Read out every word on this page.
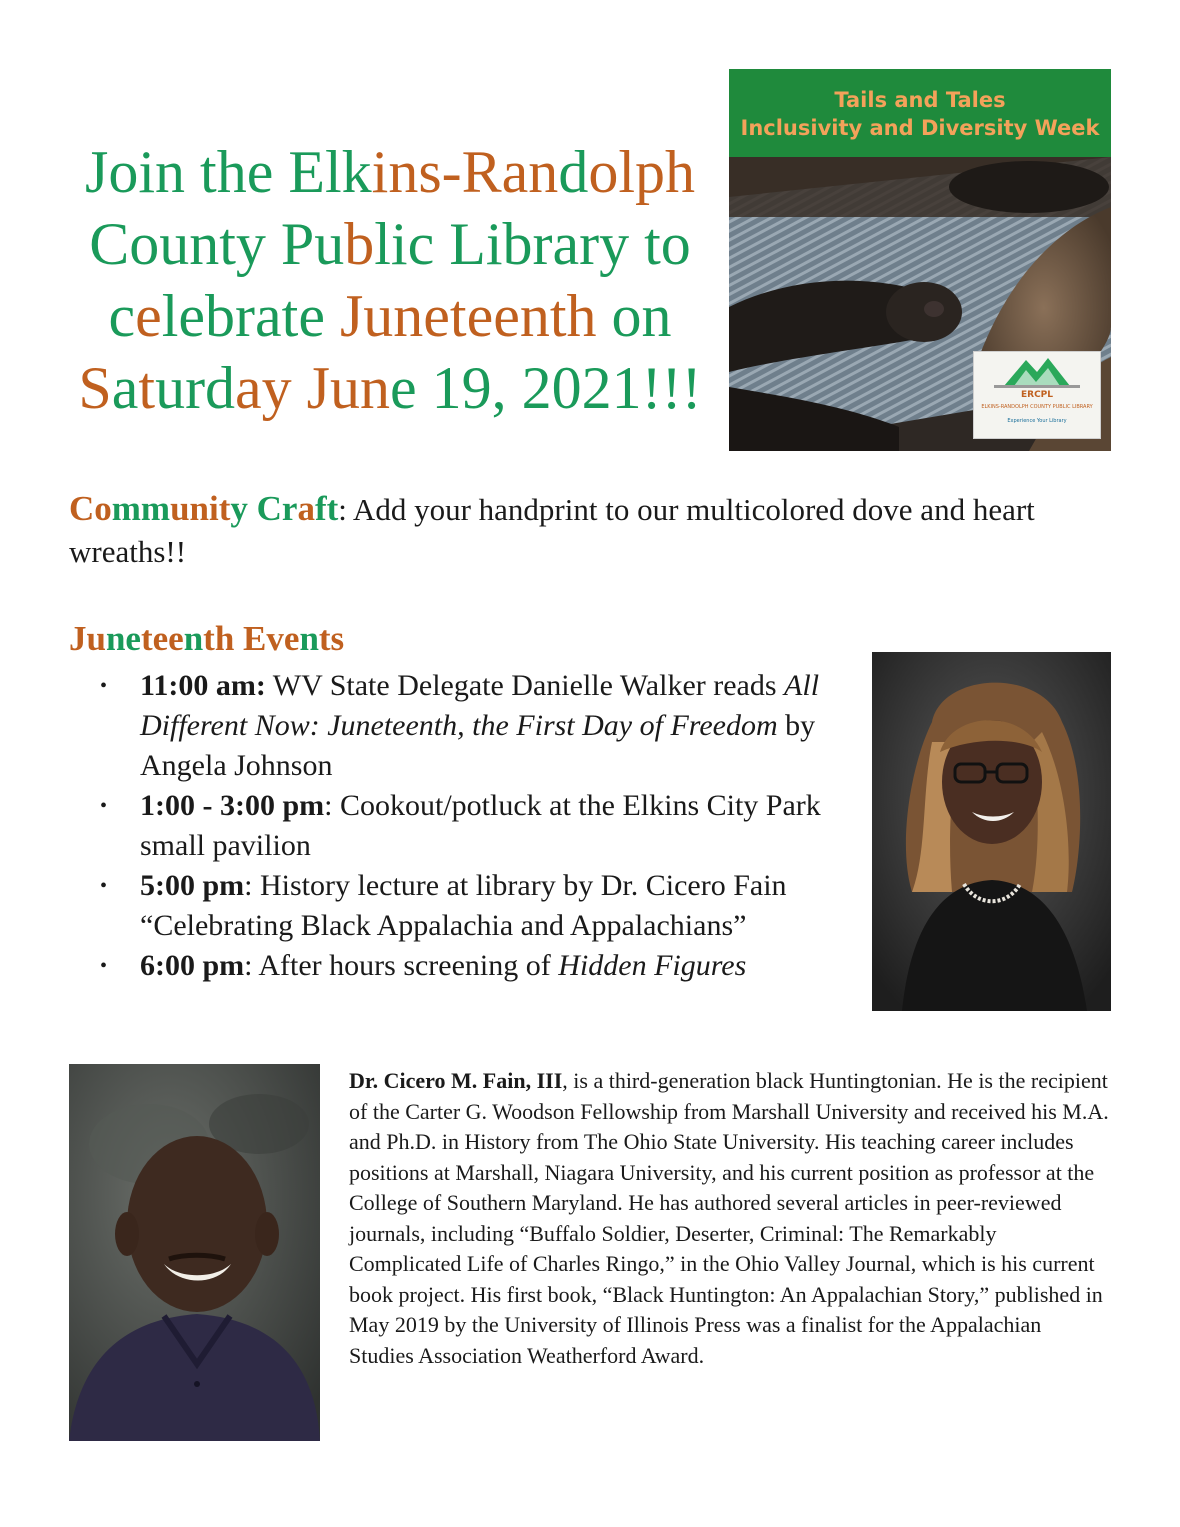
Join the Elkins-Randolph
County Public Library to
celebrate Juneteenth on
Saturday June 19, 2021!!!
Tails and Tales
Inclusivity and Diversity Week
ERCPL
ELKINS-RANDOLPH COUNTY PUBLIC LIBRARY
Experience Your Library
Community Craft: Add your handprint to our multicolored dove and heart wreaths!!
Juneteenth Events
• 11:00 am: WV State Delegate Danielle Walker reads All Different Now: Juneteenth, the First Day of Freedom by Angela Johnson
• 1:00 - 3:00 pm: Cookout/potluck at the Elkins City Park small pavilion
• 5:00 pm: History lecture at library by Dr. Cicero Fain “Celebrating Black Appalachia and Appalachians”
• 6:00 pm: After hours screening of Hidden Figures

Dr. Cicero M. Fain, III, is a third-generation black Huntingtonian. He is the recipient of the Carter G. Woodson Fellowship from Marshall University and received his M.A. and Ph.D. in History from The Ohio State University. His teaching career includes positions at Marshall, Niagara University, and his current position as professor at the College of Southern Maryland. He has authored several articles in peer-reviewed journals, including “Buffalo Soldier, Deserter, Criminal: The Remarkably Complicated Life of Charles Ringo,” in the Ohio Valley Journal, which is his current book project. His first book, “Black Huntington: An Appalachian Story,” published in May 2019 by the University of Illinois Press was a finalist for the Appalachian Studies Association Weatherford Award.
